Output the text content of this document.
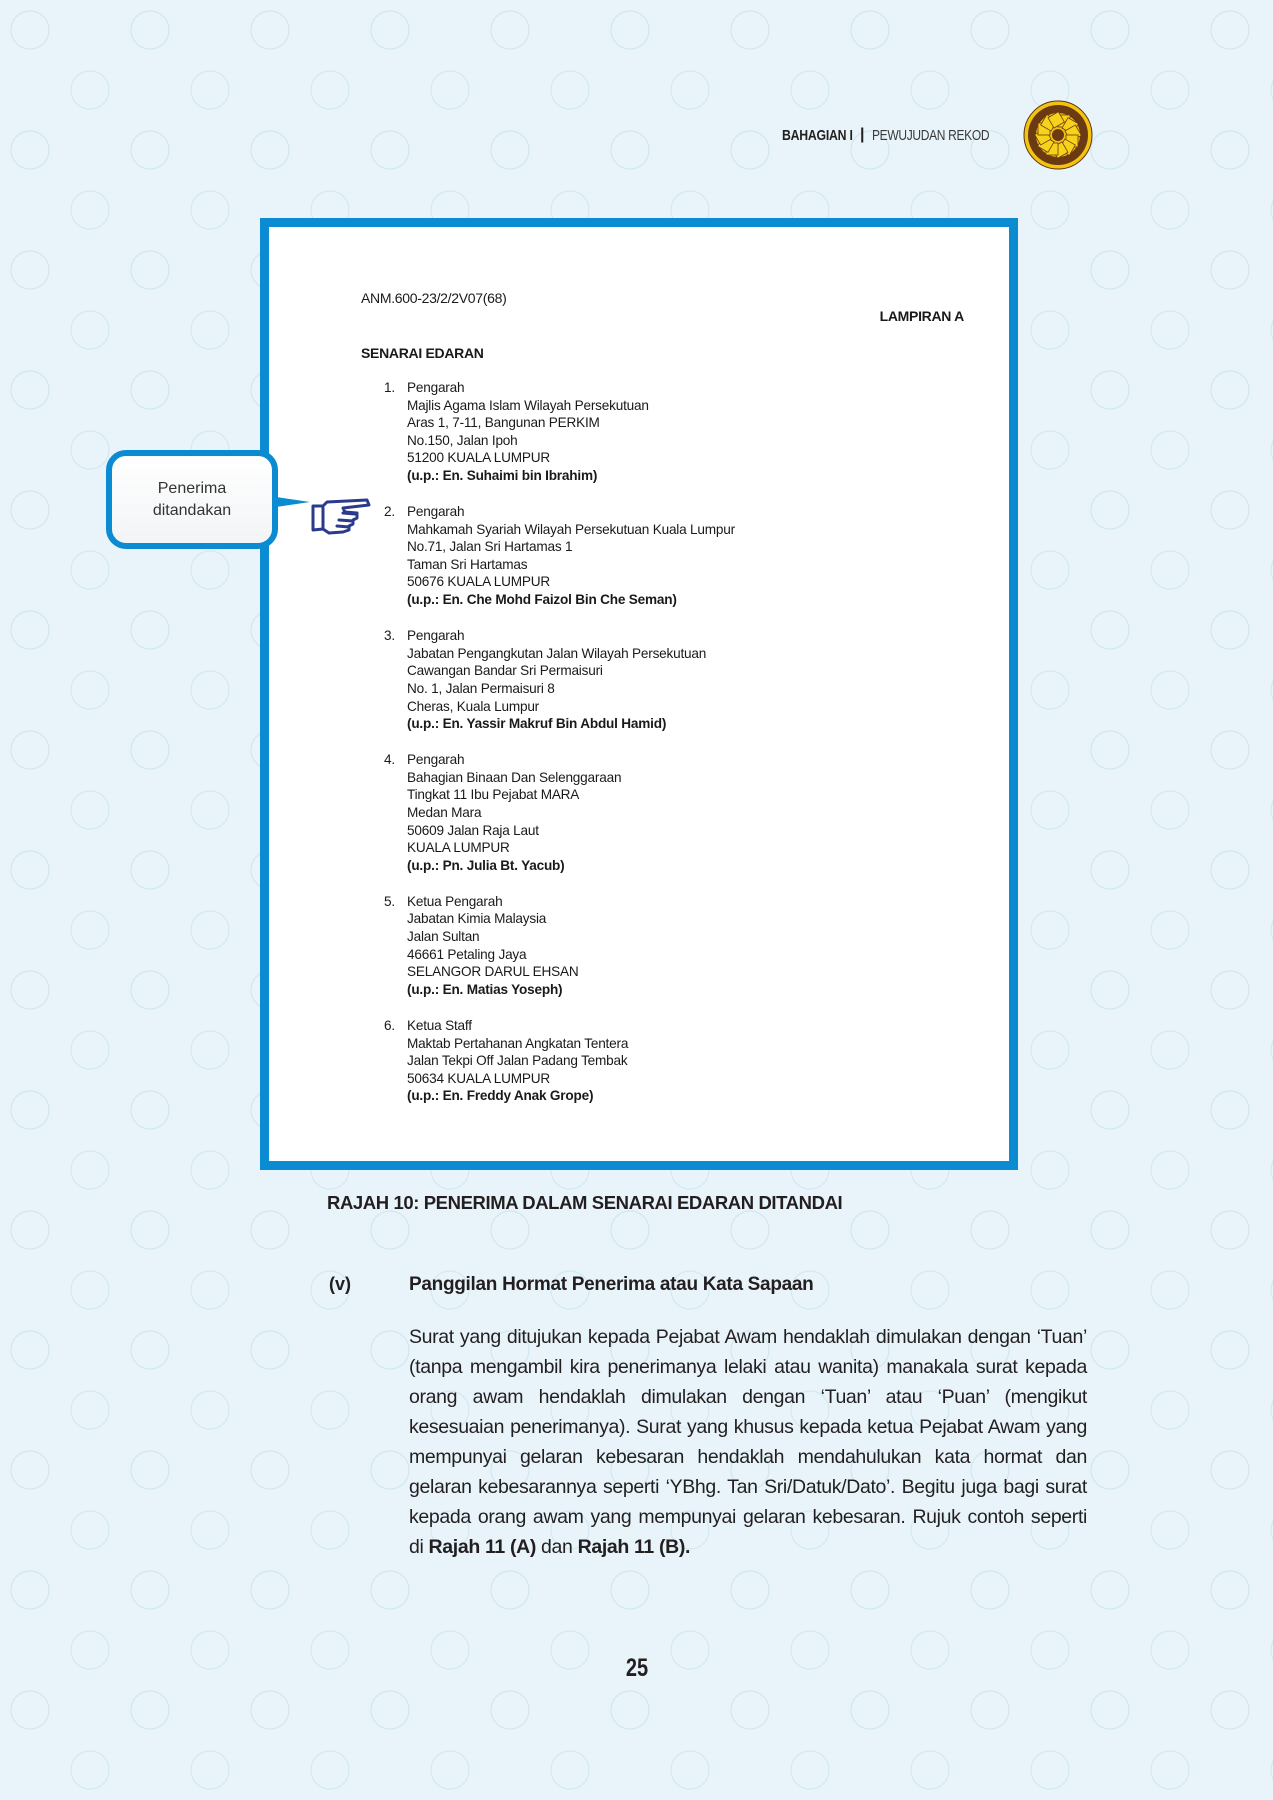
BAHAGIAN I | PEWUJUDAN REKOD
ANM.600-23/2/2V07(68)
LAMPIRAN A
SENARAI EDARAN
1. Pengarah
Majlis Agama Islam Wilayah Persekutuan
Aras 1, 7-11, Bangunan PERKIM
No.150, Jalan Ipoh
51200 KUALA LUMPUR
(u.p.: En. Suhaimi bin Ibrahim)
2. Pengarah
Mahkamah Syariah Wilayah Persekutuan Kuala Lumpur
No.71, Jalan Sri Hartamas 1
Taman Sri Hartamas
50676 KUALA LUMPUR
(u.p.: En. Che Mohd Faizol Bin Che Seman)
3. Pengarah
Jabatan Pengangkutan Jalan Wilayah Persekutuan
Cawangan Bandar Sri Permaisuri
No. 1, Jalan Permaisuri 8
Cheras, Kuala Lumpur
(u.p.: En. Yassir Makruf Bin Abdul Hamid)
4. Pengarah
Bahagian Binaan Dan Selenggaraan
Tingkat 11 Ibu Pejabat MARA
Medan Mara
50609 Jalan Raja Laut
KUALA LUMPUR
(u.p.: Pn. Julia Bt. Yacub)
5. Ketua Pengarah
Jabatan Kimia Malaysia
Jalan Sultan
46661 Petaling Jaya
SELANGOR DARUL EHSAN
(u.p.: En. Matias Yoseph)
6. Ketua Staff
Maktab Pertahanan Angkatan Tentera
Jalan Tekpi Off Jalan Padang Tembak
50634 KUALA LUMPUR
(u.p.: En. Freddy Anak Grope)
Penerima
ditandakan
RAJAH 10: PENERIMA DALAM SENARAI EDARAN DITANDAI
(v)	Panggilan Hormat Penerima atau Kata Sapaan

Surat yang ditujukan kepada Pejabat Awam hendaklah dimulakan dengan ‘Tuan’ (tanpa mengambil kira penerimanya lelaki atau wanita) manakala surat kepada orang awam hendaklah dimulakan dengan ‘Tuan’ atau ‘Puan’ (mengikut kesesuaian penerimanya). Surat yang khusus kepada ketua Pejabat Awam yang mempunyai gelaran kebesaran hendaklah mendahulukan kata hormat dan gelaran kebesarannya seperti ‘YBhg. Tan Sri/Datuk/Dato’. Begitu juga bagi surat kepada orang awam yang mempunyai gelaran kebesaran. Rujuk contoh seperti di Rajah 11 (A) dan Rajah 11 (B).

25
